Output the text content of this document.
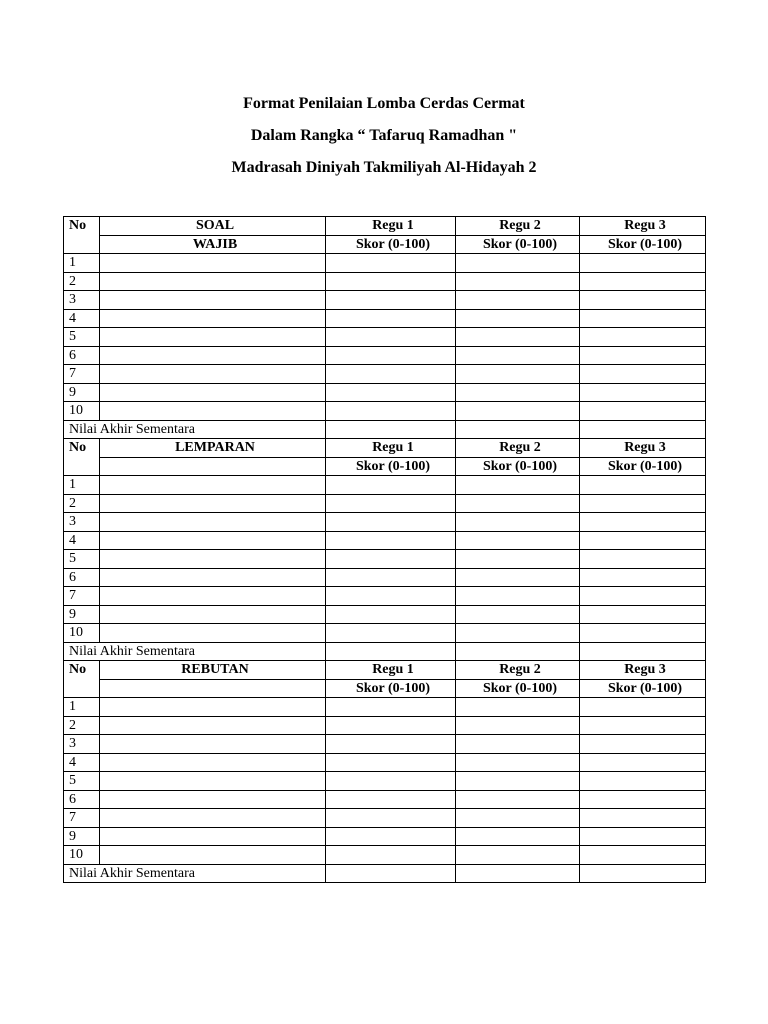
Format Penilaian Lomba Cerdas Cermat
Dalam Rangka “ Tafaruq Ramadhan "
Madrasah Diniyah Takmiliyah Al-Hidayah 2
No	SOAL	Regu 1	Regu 2	Regu 3
	WAJIB	Skor (0-100)	Skor (0-100)	Skor (0-100)
1				
2				
3				
4				
5				
6				
7				
9				
10				
Nilai Akhir Sementara				
No	LEMPARAN	Regu 1	Regu 2	Regu 3
		Skor (0-100)	Skor (0-100)	Skor (0-100)
1				
2				
3				
4				
5				
6				
7				
9				
10				
Nilai Akhir Sementara				
No	REBUTAN	Regu 1	Regu 2	Regu 3
		Skor (0-100)	Skor (0-100)	Skor (0-100)
1				
2				
3				
4				
5				
6				
7				
9				
10				
Nilai Akhir Sementara				
